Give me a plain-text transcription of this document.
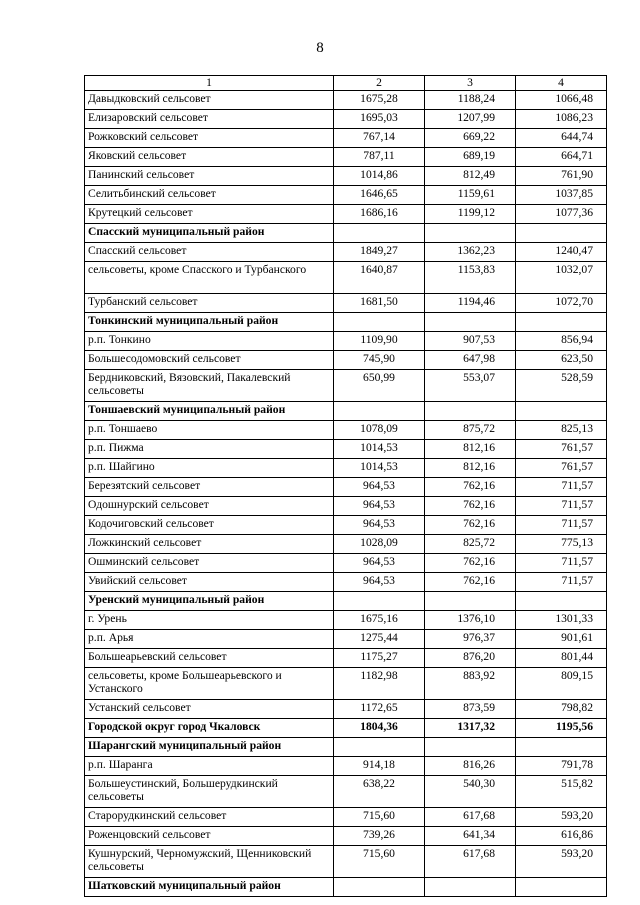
8
1	2	3	4
Давыдковский сельсовет	1675,28	1188,24	1066,48
Елизаровский сельсовет	1695,03	1207,99	1086,23
Рожковский сельсовет	767,14	669,22	644,74
Яковский сельсовет	787,11	689,19	664,71
Панинский сельсовет	1014,86	812,49	761,90
Селитьбинский сельсовет	1646,65	1159,61	1037,85
Крутецкий сельсовет	1686,16	1199,12	1077,36
Спасский муниципальный район			
Спасский сельсовет	1849,27	1362,23	1240,47
сельсоветы, кроме Спасского и Турбанского	1640,87	1153,83	1032,07
Турбанский сельсовет	1681,50	1194,46	1072,70
Тонкинский муниципальный район			
р.п. Тонкино	1109,90	907,53	856,94
Большесодомовский сельсовет	745,90	647,98	623,50
Бердниковский, Вязовский, Пакалевский сельсоветы	650,99	553,07	528,59
Тоншаевский муниципальный район			
р.п. Тоншаево	1078,09	875,72	825,13
р.п. Пижма	1014,53	812,16	761,57
р.п. Шайгино	1014,53	812,16	761,57
Березятский сельсовет	964,53	762,16	711,57
Одошнурский сельсовет	964,53	762,16	711,57
Кодочиговский сельсовет	964,53	762,16	711,57
Ложкинский сельсовет	1028,09	825,72	775,13
Ошминский сельсовет	964,53	762,16	711,57
Увийский сельсовет	964,53	762,16	711,57
Уренский муниципальный район			
г. Урень	1675,16	1376,10	1301,33
р.п. Арья	1275,44	976,37	901,61
Большеарьевский сельсовет	1175,27	876,20	801,44
сельсоветы, кроме Большеарьевского и Устанского	1182,98	883,92	809,15
Устанский сельсовет	1172,65	873,59	798,82
Городской округ город Чкаловск	1804,36	1317,32	1195,56
Шарангский муниципальный район			
р.п. Шаранга	914,18	816,26	791,78
Большеустинский, Большерудкинский сельсоветы	638,22	540,30	515,82
Старорудкинский сельсовет	715,60	617,68	593,20
Роженцовский сельсовет	739,26	641,34	616,86
Кушнурский, Черномужский, Щенниковский сельсоветы	715,60	617,68	593,20
Шатковский муниципальный район			
